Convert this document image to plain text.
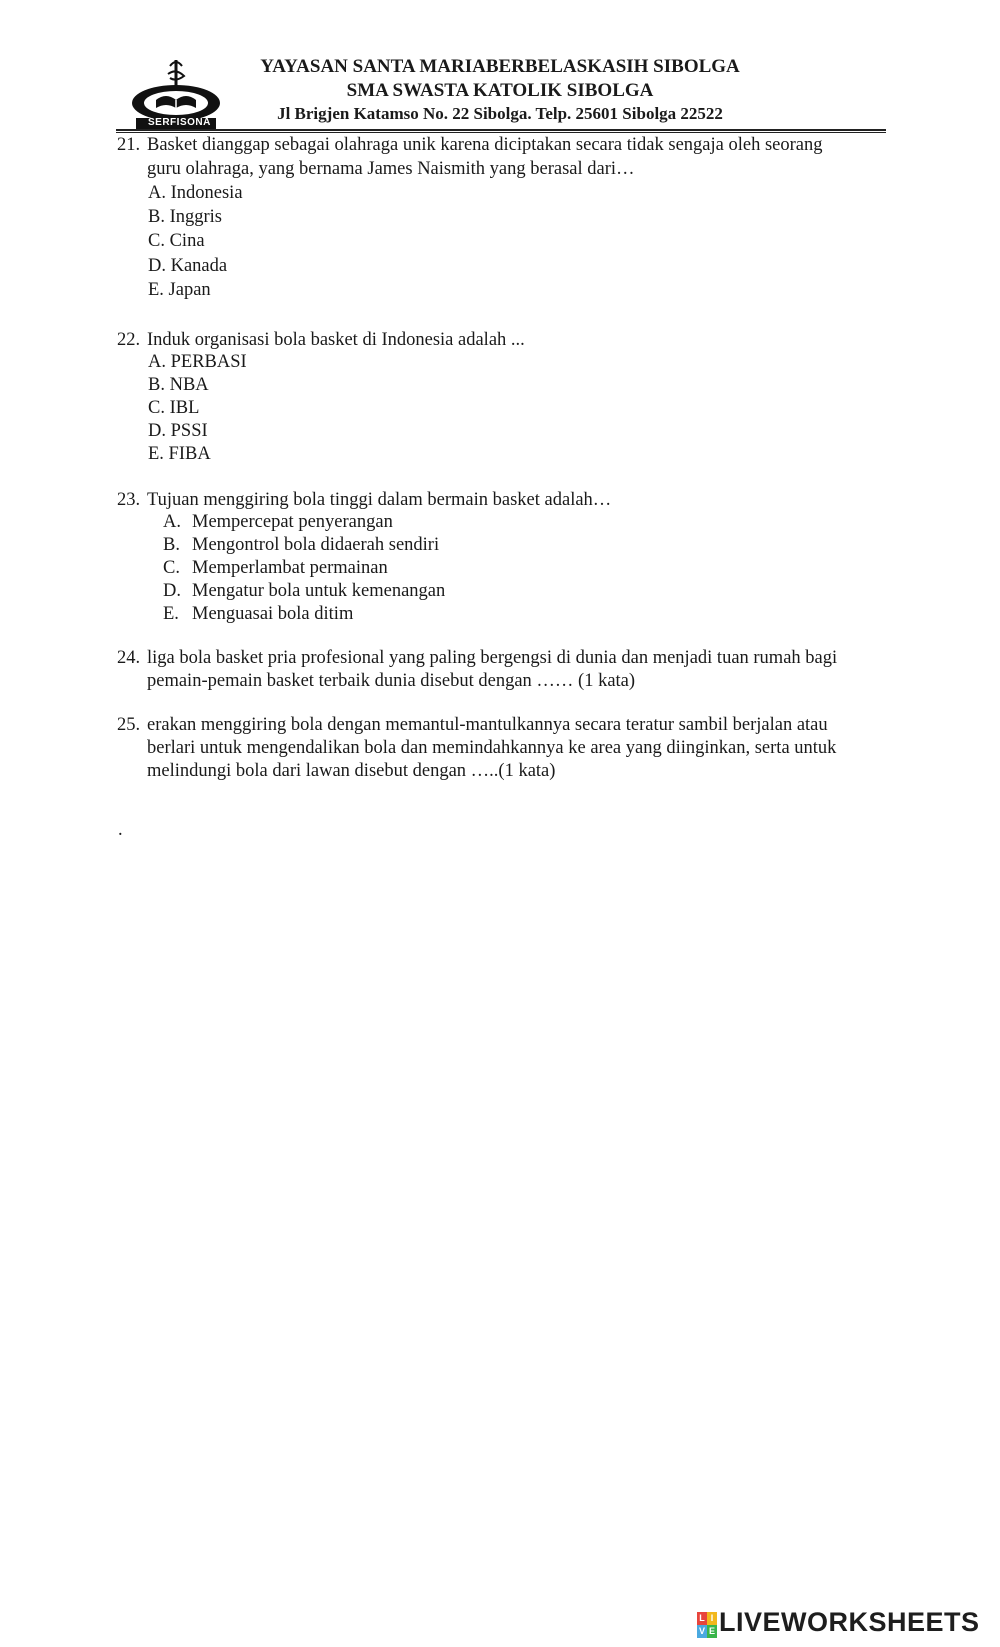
SERFISONA
YAYASAN SANTA MARIABERBELASKASIH SIBOLGA
SMA SWASTA KATOLIK SIBOLGA
Jl Brigjen Katamso No. 22 Sibolga. Telp. 25601 Sibolga 22522
21. Basket dianggap sebagai olahraga unik karena diciptakan secara tidak sengaja oleh seorang
guru olahraga, yang bernama James Naismith yang berasal dari…
A. Indonesia
B. Inggris
C. Cina
D. Kanada
E. Japan
22. Induk organisasi bola basket di Indonesia adalah ...
A. PERBASI
B. NBA
C. IBL
D. PSSI
E. FIBA
23. Tujuan menggiring bola tinggi dalam bermain basket adalah…
A. Mempercepat penyerangan
B. Mengontrol bola didaerah sendiri
C. Memperlambat permainan
D. Mengatur bola untuk kemenangan
E. Menguasai bola ditim
24. liga bola basket pria profesional yang paling bergengsi di dunia dan menjadi tuan rumah bagi
pemain-pemain basket terbaik dunia disebut dengan …… (1 kata)
25. erakan menggiring bola dengan memantul-mantulkannya secara teratur sambil berjalan atau
berlari untuk mengendalikan bola dan memindahkannya ke area yang diinginkan, serta untuk
melindungi bola dari lawan disebut dengan …..(1 kata)
.
L I
V E LIVEWORKSHEETS
